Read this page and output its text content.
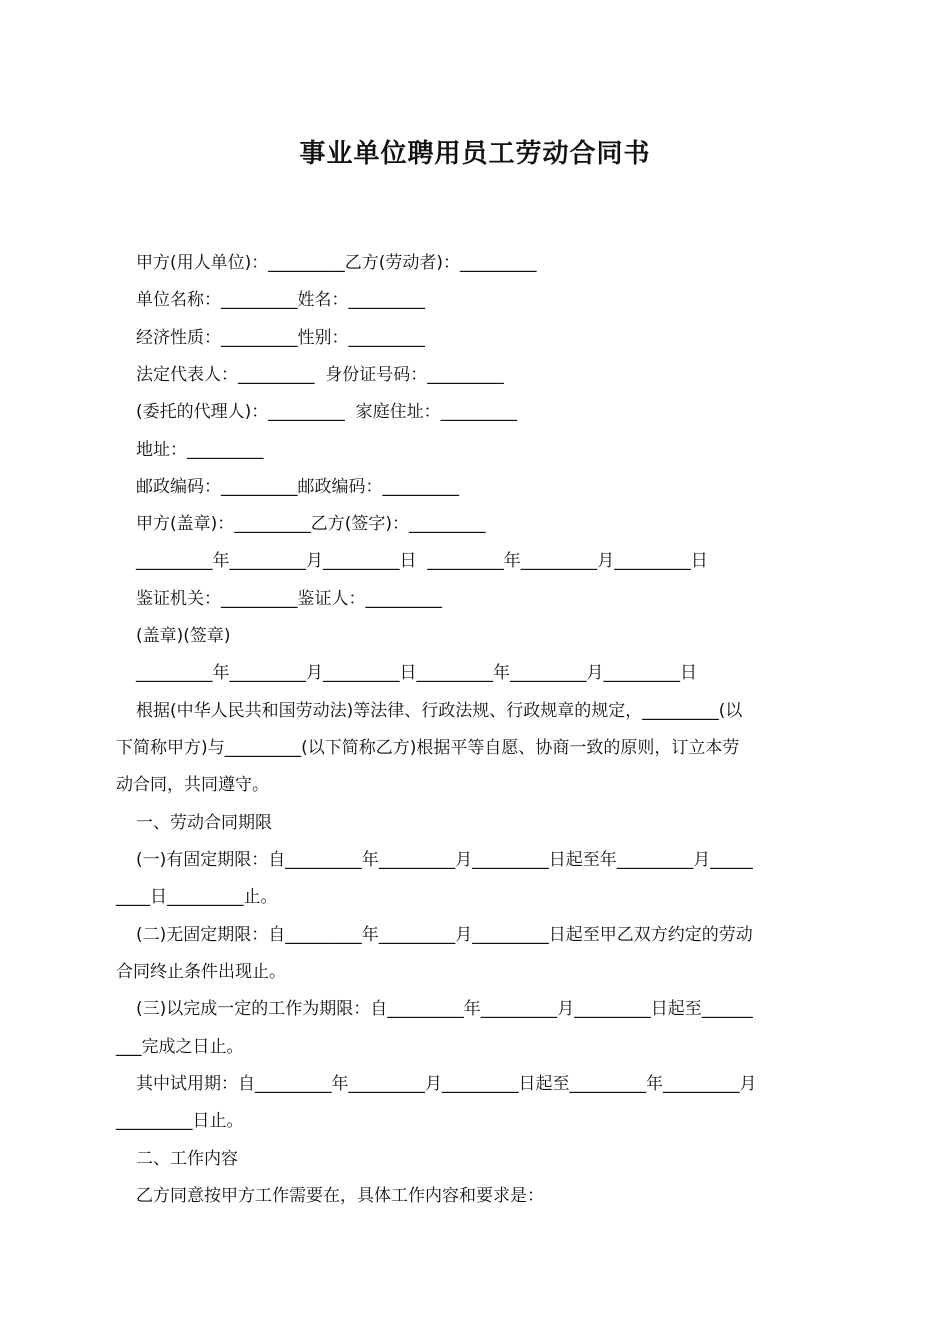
事业单位聘用员工劳动合同书

甲方(用人单位)：_________乙方(劳动者)：_________

单位名称：_________姓名：_________

经济性质：_________性别：_________

法定代表人：_________  身份证号码：_________

(委托的代理人)：_________  家庭住址：_________

地址：_________

邮政编码：_________邮政编码：_________

甲方(盖章)：_________乙方(签字)：_________

_________年_________月_________日  _________年_________月_________日

鉴证机关：_________鉴证人：_________

(盖章)(签章)

_________年_________月_________日_________年_________月_________日

根据(中华人民共和国劳动法)等法律、行政法规、行政规章的规定，_________(以

下简称甲方)与_________(以下简称乙方)根据平等自愿、协商一致的原则，订立本劳

动合同，共同遵守。

一、劳动合同期限

(一)有固定期限：自_________年_________月_________日起至年_________月_____

____日_________止。

(二)无固定期限：自_________年_________月_________日起至甲乙双方约定的劳动

合同终止条件出现止。

(三)以完成一定的工作为期限：自_________年_________月_________日起至______

___完成之日止。

其中试用期：自_________年_________月_________日起至_________年_________月

_________日止。

二、工作内容

乙方同意按甲方工作需要在，具体工作内容和要求是：
